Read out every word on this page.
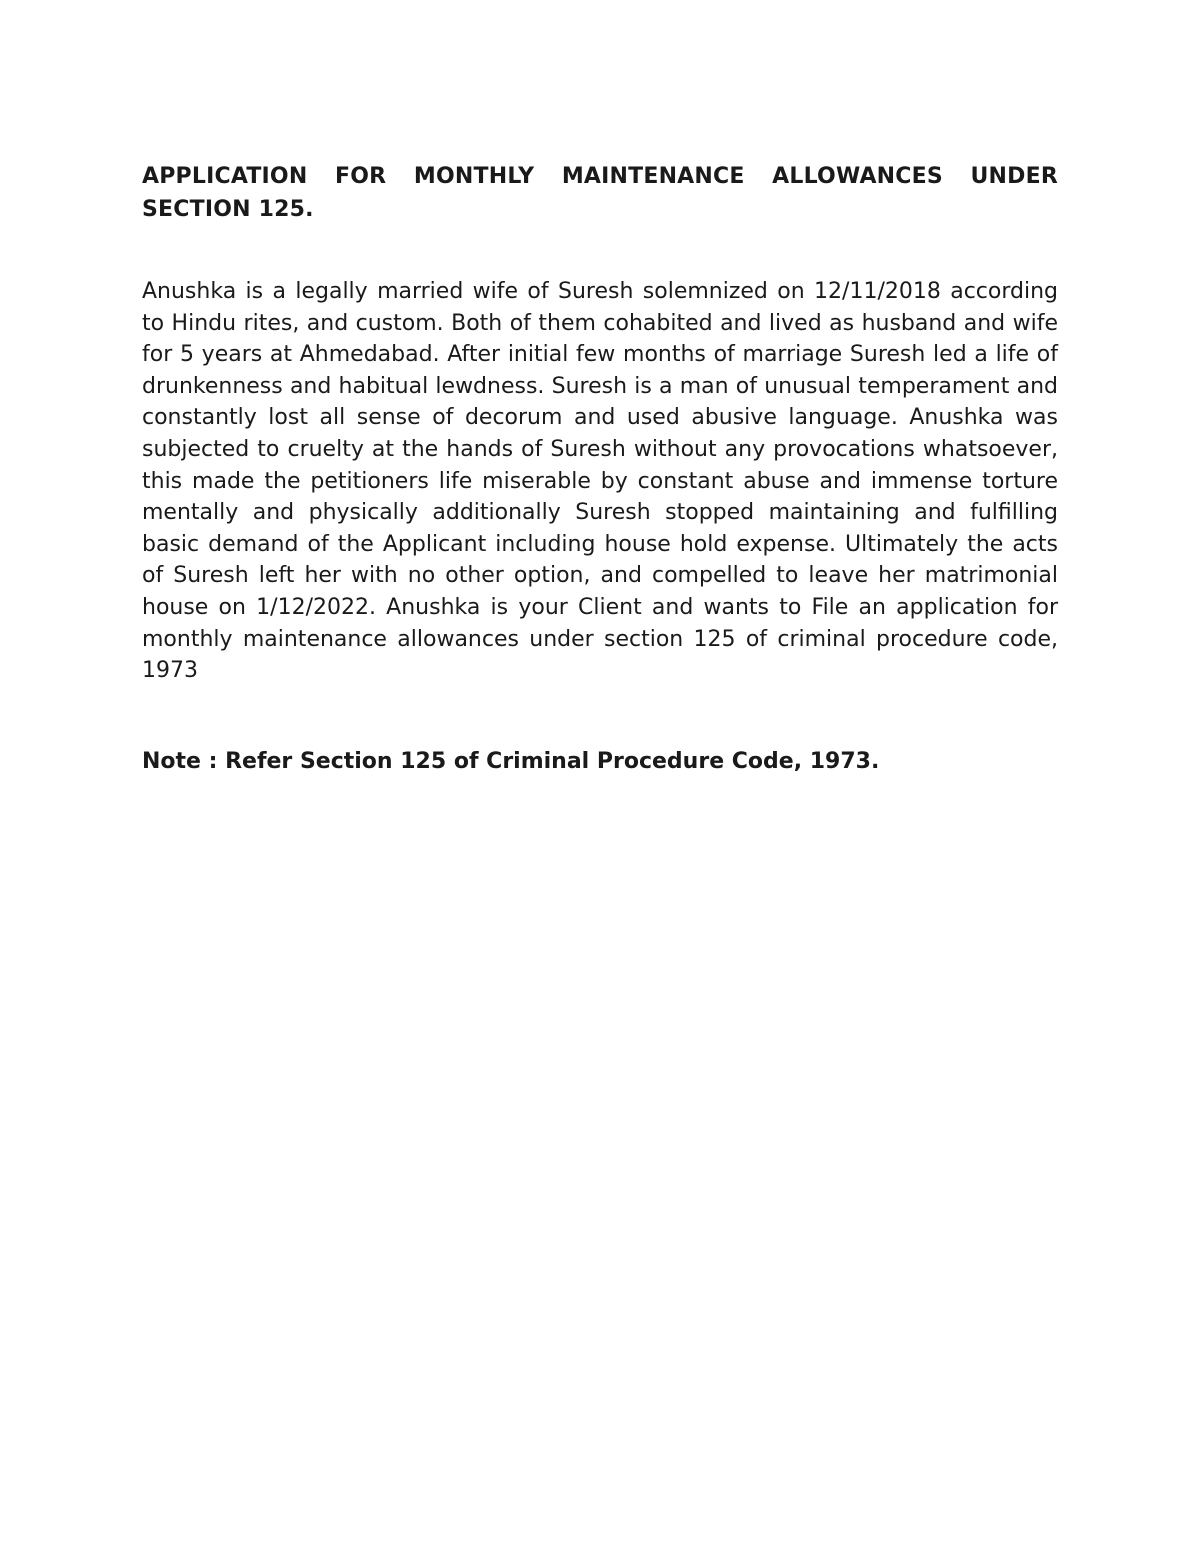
APPLICATION FOR MONTHLY MAINTENANCE ALLOWANCES UNDER SECTION 125.

Anushka is a legally married wife of Suresh solemnized on 12/11/2018 according to Hindu rites, and custom. Both of them cohabited and lived as husband and wife for 5 years at Ahmedabad. After initial few months of marriage Suresh led a life of drunkenness and habitual lewdness. Suresh is a man of unusual temperament and constantly lost all sense of decorum and used abusive language. Anushka was subjected to cruelty at the hands of Suresh without any provocations whatsoever, this made the petitioners life miserable by constant abuse and immense torture mentally and physically additionally Suresh stopped maintaining and fulfilling basic demand of the Applicant including house hold expense. Ultimately the acts of Suresh left her with no other option, and compelled to leave her matrimonial house on 1/12/2022. Anushka is your Client and wants to File an application for monthly maintenance allowances under section 125 of criminal procedure code, 1973

Note : Refer Section 125 of Criminal Procedure Code, 1973.
